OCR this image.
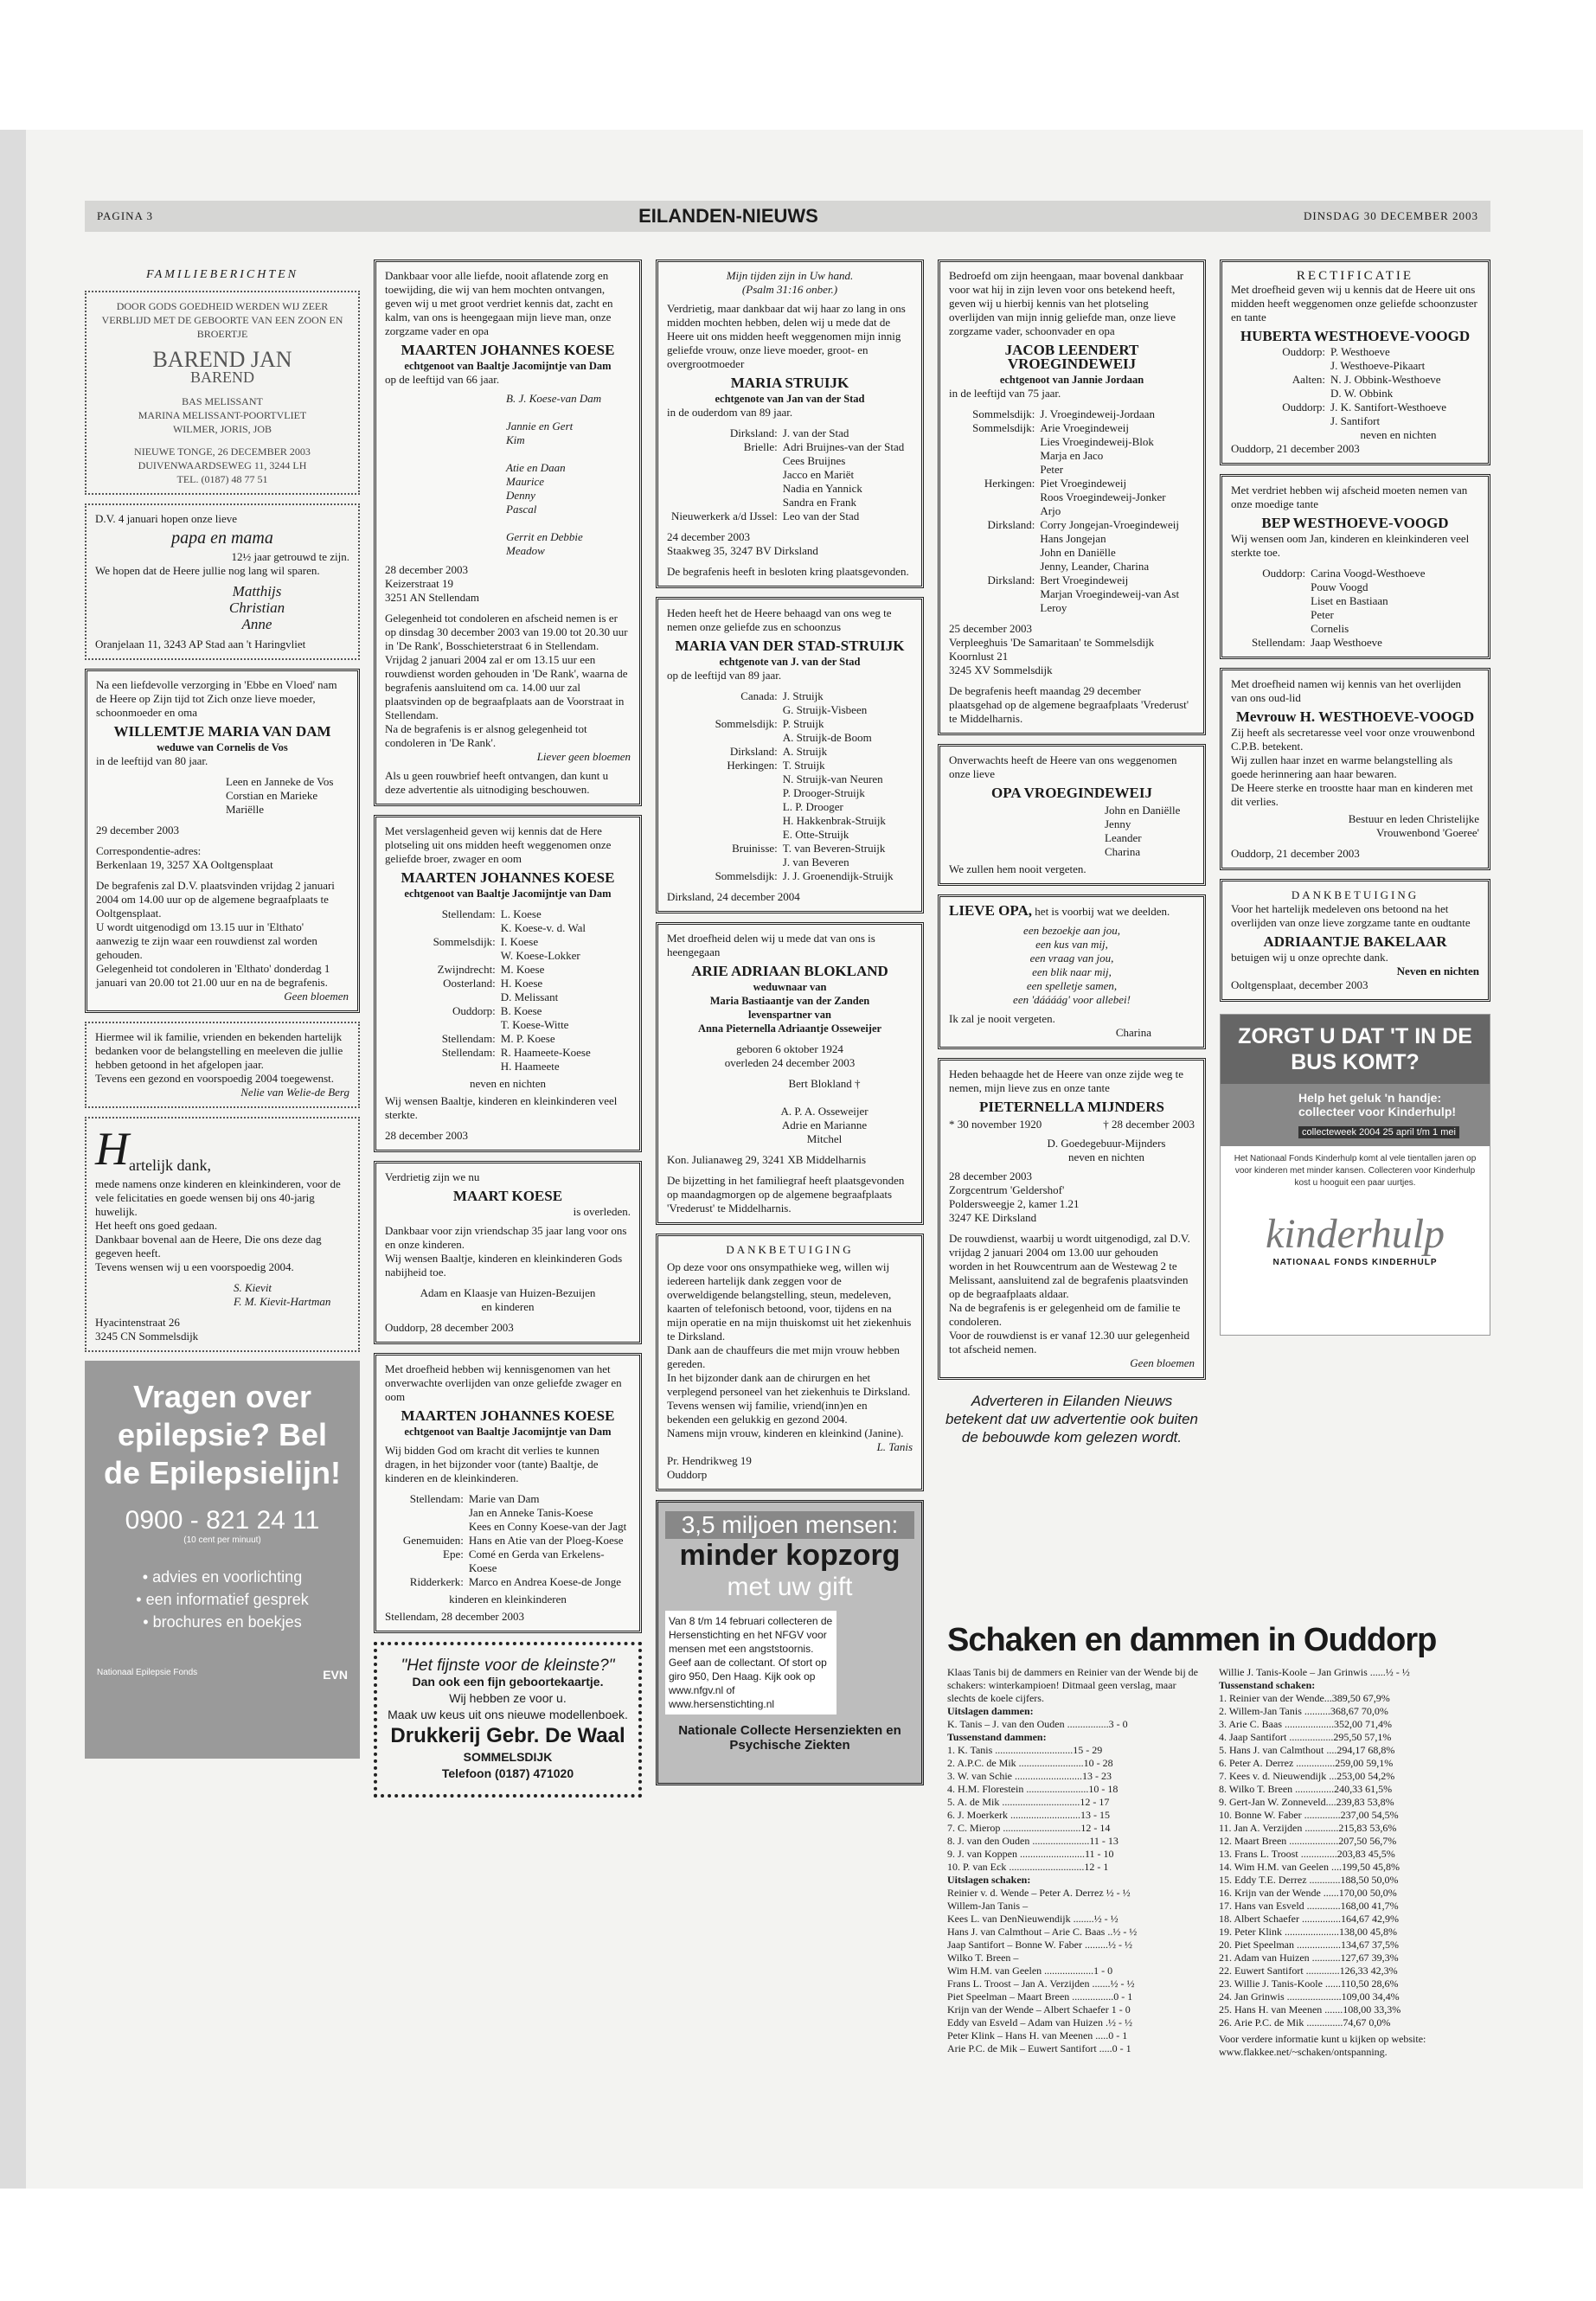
PAGINA 3	EILANDEN-NIEUWS	DINSDAG 30 DECEMBER 2003
FAMILIEBERICHTEN
DOOR GODS GOEDHEID WERDEN WIJ ZEER VERBLIJD MET DE GEBOORTE VAN EEN ZOON EN BROERTJE
BAREND JAN
BAREND
BAS MELISSANT
MARINA MELISSANT-POORTVLIET
WILMER, JORIS, JOB
NIEUWE TONGE, 26 DECEMBER 2003
DUIVENWAARDSEWEG 11, 3244 LH
TEL. (0187) 48 77 51
D.V. 4 januari hopen onze lieve
papa en mama
12½ jaar getrouwd te zijn.
We hopen dat de Heere jullie nog lang wil sparen.
Matthijs
Christian
Anne
Oranjelaan 11, 3243 AP Stad aan 't Haringvliet
Na een liefdevolle verzorging in 'Ebbe en Vloed' nam de Heere op Zijn tijd tot Zich onze lieve moeder, schoonmoeder en oma
WILLEMTJE MARIA VAN DAM
weduwe van Cornelis de Vos
in de leeftijd van 80 jaar.
Leen en Janneke de Vos
Corstian en Marieke
Mariëlle
29 december 2003
Correspondentie-adres:
Berkenlaan 19, 3257 XA Ooltgensplaat
De begrafenis zal D.V. plaatsvinden vrijdag 2 januari 2004 om 14.00 uur op de algemene begraafplaats te Ooltgensplaat.
U wordt uitgenodigd om 13.15 uur in 'Elthato' aanwezig te zijn waar een rouwdienst zal worden gehouden.
Gelegenheid tot condoleren in 'Elthato' donderdag 1 januari van 20.00 tot 21.00 uur en na de begrafenis.
Geen bloemen
Hiermee wil ik familie, vrienden en bekenden hartelijk bedanken voor de belangstelling en meeleven die jullie hebben getoond in het afgelopen jaar.
Tevens een gezond en voorspoedig 2004 toegewenst.
Nelie van Welie-de Berg
H artelijk dank,
mede namens onze kinderen en kleinkinderen, voor de vele felicitaties en goede wensen bij ons 40-jarig huwelijk.
Het heeft ons goed gedaan.
Dankbaar bovenal aan de Heere, Die ons deze dag gegeven heeft.
Tevens wensen wij u een voorspoedig 2004.
S. Kievit
F. M. Kievit-Hartman
Hyacintenstraat 26
3245 CN Sommelsdijk
Vragen over epilepsie? Bel de Epilepsielijn!
0900 - 821 24 11
(10 cent per minuut)
• advies en voorlichting
• een informatief gesprek
• brochures en boekjes
Nationaal Epilepsie Fonds	EVN
Dankbaar voor alle liefde, nooit aflatende zorg en toewijding, die wij van hem mochten ontvangen, geven wij u met groot verdriet kennis dat, zacht en kalm, van ons is heengegaan mijn lieve man, onze zorgzame vader en opa
MAARTEN JOHANNES KOESE
echtgenoot van Baaltje Jacomijntje van Dam
op de leeftijd van 66 jaar.
B. J. Koese-van Dam

Jannie en Gert
Kim

Atie en Daan
Maurice
Denny
Pascal

Gerrit en Debbie
Meadow
28 december 2003
Keizerstraat 19
3251 AN Stellendam
Gelegenheid tot condoleren en afscheid nemen is er op dinsdag 30 december 2003 van 19.00 tot 20.30 uur in 'De Rank', Bosschieterstraat 6 in Stellendam.
Vrijdag 2 januari 2004 zal er om 13.15 uur een rouwdienst worden gehouden in 'De Rank', waarna de begrafenis aansluitend om ca. 14.00 uur zal plaatsvinden op de begraafplaats aan de Voorstraat in Stellendam.
Na de begrafenis is er alsnog gelegenheid tot condoleren in 'De Rank'.
Liever geen bloemen
Als u geen rouwbrief heeft ontvangen, dan kunt u deze advertentie als uitnodiging beschouwen.
Met verslagenheid geven wij kennis dat de Here plotseling uit ons midden heeft weggenomen onze geliefde broer, zwager en oom
MAARTEN JOHANNES KOESE
echtgenoot van Baaltje Jacomijntje van Dam
Stellendam: L. Koese
K. Koese-v. d. Wal
Sommelsdijk: I. Koese
W. Koese-Lokker
Zwijndrecht: M. Koese
Oosterland: H. Koese
D. Melissant
Ouddorp: B. Koese
T. Koese-Witte
Stellendam: M. P. Koese
Stellendam: R. Haameete-Koese
H. Haameete
neven en nichten
Wij wensen Baaltje, kinderen en kleinkinderen veel sterkte.
28 december 2003
Verdrietig zijn we nu
MAART KOESE
is overleden.
Dankbaar voor zijn vriendschap 35 jaar lang voor ons en onze kinderen.
Wij wensen Baaltje, kinderen en kleinkinderen Gods nabijheid toe.
Adam en Klaasje van Huizen-Bezuijen
en kinderen
Ouddorp, 28 december 2003
Met droefheid hebben wij kennisgenomen van het onverwachte overlijden van onze geliefde zwager en oom
MAARTEN JOHANNES KOESE
echtgenoot van Baaltje Jacomijntje van Dam
Wij bidden God om kracht dit verlies te kunnen dragen, in het bijzonder voor (tante) Baaltje, de kinderen en de kleinkinderen.
Stellendam: Marie van Dam
Jan en Anneke Tanis-Koese
Kees en Conny Koese-van der Jagt
Genemuiden: Hans en Atie van der Ploeg-Koese
Epe: Comé en Gerda van Erkelens-Koese
Ridderkerk: Marco en Andrea Koese-de Jonge
kinderen en kleinkinderen
Stellendam, 28 december 2003
"Het fijnste voor de kleinste?"
Dan ook een fijn geboortekaartje.
Wij hebben ze voor u.
Maak uw keus uit ons nieuwe modellenboek.
Drukkerij Gebr. De Waal
SOMMELSDIJK
Telefoon (0187) 471020
Mijn tijden zijn in Uw hand.
(Psalm 31:16 onber.)
Verdrietig, maar dankbaar dat wij haar zo lang in ons midden mochten hebben, delen wij u mede dat de Heere uit ons midden heeft weggenomen mijn innig geliefde vrouw, onze lieve moeder, groot- en overgrootmoeder
MARIA STRUIJK
echtgenote van Jan van der Stad
in de ouderdom van 89 jaar.
Dirksland: J. van der Stad
Brielle: Adri Bruijnes-van der Stad
Cees Bruijnes
Jacco en Mariët
Nadia en Yannick
Sandra en Frank
Nieuwerkerk a/d IJssel: Leo van der Stad
24 december 2003
Staakweg 35, 3247 BV Dirksland
De begrafenis heeft in besloten kring plaatsgevonden.
Heden heeft het de Heere behaagd van ons weg te nemen onze geliefde zus en schoonzus
MARIA VAN DER STAD-STRUIJK
echtgenote van J. van der Stad
op de leeftijd van 89 jaar.
Canada: J. Struijk
G. Struijk-Visbeen
Sommelsdijk: P. Struijk
A. Struijk-de Boom
Dirksland: A. Struijk
Herkingen: T. Struijk
N. Struijk-van Neuren
P. Drooger-Struijk
L. P. Drooger
H. Hakkenbrak-Struijk
E. Otte-Struijk
Bruinisse: T. van Beveren-Struijk
J. van Beveren
Sommelsdijk: J. J. Groenendijk-Struijk
Dirksland, 24 december 2004
Met droefheid delen wij u mede dat van ons is heengegaan
ARIE ADRIAAN BLOKLAND
weduwnaar van
Maria Bastiaantje van der Zanden
levenspartner van
Anna Pieternella Adriaantje Osseweijer
geboren 6 oktober 1924
overleden 24 december 2003
Bert Blokland †

A. P. A. Osseweijer
Adrie en Marianne
Mitchel
Kon. Julianaweg 29, 3241 XB Middelharnis
De bijzetting in het familiegraf heeft plaatsgevonden op maandagmorgen op de algemene begraafplaats 'Vrederust' te Middelharnis.
DANKBETUIGING
Op deze voor ons onsympathieke weg, willen wij iedereen hartelijk dank zeggen voor de overweldigende belangstelling, steun, medeleven, kaarten of telefonisch betoond, voor, tijdens en na mijn operatie en na mijn thuiskomst uit het ziekenhuis te Dirksland.
Dank aan de chauffeurs die met mijn vrouw hebben gereden.
In het bijzonder dank aan de chirurgen en het verplegend personeel van het ziekenhuis te Dirksland.
Tevens wensen wij familie, vriend(inn)en en bekenden een gelukkig en gezond 2004.
Namens mijn vrouw, kinderen en kleinkind (Janine).
L. Tanis
Pr. Hendrikweg 19
Ouddorp
3,5 miljoen mensen:
minder kopzorg
met uw gift
Van 8 t/m 14 februari collecteren de Hersenstichting en het NFGV voor mensen met een angststoornis. Geef aan de collectant. Of stort op giro 950, Den Haag. Kijk ook op www.nfgv.nl of www.hersenstichting.nl
Nationale Collecte Hersenziekten en Psychische Ziekten
Bedroefd om zijn heengaan, maar bovenal dankbaar voor wat hij in zijn leven voor ons betekend heeft, geven wij u hierbij kennis van het plotseling overlijden van mijn innig geliefde man, onze lieve zorgzame vader, schoonvader en opa
JACOB LEENDERT VROEGINDEWEIJ
echtgenoot van Jannie Jordaan
in de leeftijd van 75 jaar.
Sommelsdijk: J. Vroegindeweij-Jordaan
Sommelsdijk: Arie Vroegindeweij
Lies Vroegindeweij-Blok
Marja en Jaco
Peter
Herkingen: Piet Vroegindeweij
Roos Vroegindeweij-Jonker
Arjo
Dirksland: Corry Jongejan-Vroegindeweij
Hans Jongejan
John en Daniëlle
Jenny, Leander, Charina
Dirksland: Bert Vroegindeweij
Marjan Vroegindeweij-van Ast
Leroy
25 december 2003
Verpleeghuis 'De Samaritaan' te Sommelsdijk
Koornlust 21
3245 XV Sommelsdijk
De begrafenis heeft maandag 29 december plaatsgehad op de algemene begraafplaats 'Vrederust' te Middelharnis.
Onverwachts heeft de Heere van ons weggenomen onze lieve
OPA VROEGINDEWEIJ
John en Daniëlle
Jenny
Leander
Charina
We zullen hem nooit vergeten.
LIEVE OPA, het is voorbij wat we deelden.
een bezoekje aan jou,
een kus van mij,
een vraag van jou,
een blik naar mij,
een spelletje samen,
een 'dáááág' voor allebei!
Ik zal je nooit vergeten.
Charina
Heden behaagde het de Heere van onze zijde weg te nemen, mijn lieve zus en onze tante
PIETERNELLA MIJNDERS
* 30 november 1920	† 28 december 2003
D. Goedegebuur-Mijnders
neven en nichten
28 december 2003
Zorgcentrum 'Geldershof'
Poldersweegje 2, kamer 1.21
3247 KE Dirksland
De rouwdienst, waarbij u wordt uitgenodigd, zal D.V. vrijdag 2 januari 2004 om 13.00 uur gehouden worden in het Rouwcentrum aan de Westewag 2 te Melissant, aansluitend zal de begrafenis plaatsvinden op de begraafplaats aldaar.
Na de begrafenis is er gelegenheid om de familie te condoleren.
Voor de rouwdienst is er vanaf 12.30 uur gelegenheid tot afscheid nemen.
Geen bloemen
Adverteren in Eilanden Nieuws betekent dat uw advertentie ook buiten de bebouwde kom gelezen wordt.
RECTIFICATIE
Met droefheid geven wij u kennis dat de Heere uit ons midden heeft weggenomen onze geliefde schoonzuster en tante
HUBERTA WESTHOEVE-VOOGD
Ouddorp: P. Westhoeve
J. Westhoeve-Pikaart
Aalten: N. J. Obbink-Westhoeve
D. W. Obbink
Ouddorp: J. K. Santifort-Westhoeve
J. Santifort
neven en nichten
Ouddorp, 21 december 2003
Met verdriet hebben wij afscheid moeten nemen van onze moedige tante
BEP WESTHOEVE-VOOGD
Wij wensen oom Jan, kinderen en kleinkinderen veel sterkte toe.
Ouddorp: Carina Voogd-Westhoeve
Pouw Voogd
Liset en Bastiaan
Peter
Cornelis
Stellendam: Jaap Westhoeve
Met droefheid namen wij kennis van het overlijden van ons oud-lid
Mevrouw H. WESTHOEVE-VOOGD
Zij heeft als secretaresse veel voor onze vrouwenbond C.P.B. betekent.
Wij zullen haar inzet en warme belangstelling als goede herinnering aan haar bewaren.
De Heere sterke en troostte haar man en kinderen met dit verlies.
Bestuur en leden Christelijke Vrouwenbond 'Goeree'
Ouddorp, 21 december 2003
DANKBETUIGING
Voor het hartelijk medeleven ons betoond na het overlijden van onze lieve zorgzame tante en oudtante
ADRIAANTJE BAKELAAR
betuigen wij u onze oprechte dank.
Neven en nichten
Ooltgensplaat, december 2003
ZORGT U DAT 'T IN DE BUS KOMT?
Help het geluk 'n handje: collecteer voor Kinderhulp!
collecteweek 2004 25 april t/m 1 mei
Het Nationaal Fonds Kinderhulp komt al vele tientallen jaren op voor kinderen met minder kansen. Collecteren voor Kinderhulp kost u hooguit een paar uurtjes.
kinderhulp
NATIONAAL FONDS KINDERHULP
Schaken en dammen in Ouddorp
Klaas Tanis bij de dammers en Reinier van der Wende bij de schakers: winterkampioen! Ditmaal geen verslag, maar slechts de koele cijfers.
Uitslagen dammen:
K. Tanis – J. van den Ouden ................3 - 0
Tussenstand dammen:
1. K. Tanis ..............................15 - 29
2. A.P.C. de Mik .........................10 - 28
3. W. van Schie ..........................13 - 23
4. H.M. Florestein ........................10 - 18
5. A. de Mik ..............................12 - 17
6. J. Moerkerk ...........................13 - 15
7. C. Mierop ..............................12 - 14
8. J. van den Ouden ......................11 - 13
9. J. van Koppen .........................11 - 10
10. P. van Eck .............................12 - 1
Uitslagen schaken:
Reinier v. d. Wende – Peter A. Derrez ½ - ½
Willem-Jan Tanis –
Kees L. van DenNieuwendijk ........½ - ½
Hans J. van Calmthout – Arie C. Baas ..½ - ½
Jaap Santifort – Bonne W. Faber .........½ - ½
Wilko T. Breen –
Wim H.M. van Geelen ...................1 - 0
Frans L. Troost – Jan A. Verzijden .......½ - ½
Piet Speelman – Maart Breen ................0 - 1
Krijn van der Wende – Albert Schaefer 1 - 0
Eddy van Esveld – Adam van Huizen .½ - ½
Peter Klink – Hans H. van Meenen .....0 - 1
Arie P.C. de Mik – Euwert Santifort .....0 - 1
Willie J. Tanis-Koole – Jan Grinwis ......½ - ½
Tussenstand schaken:
1. Reinier van der Wende...389,50 67,9%
2. Willem-Jan Tanis ..........368,67 70,0%
3. Arie C. Baas ...................352,00 71,4%
4. Jaap Santifort .................295,50 57,1%
5. Hans J. van Calmthout ....294,17 68,8%
6. Peter A. Derrez ...............259,00 59,1%
7. Kees v. d. Nieuwendijk ...253,00 54,2%
8. Wilko T. Breen ...............240,33 61,5%
9. Gert-Jan W. Zonneveld....239,83 53,8%
10. Bonne W. Faber ..............237,00 54,5%
11. Jan A. Verzijden .............215,83 53,6%
12. Maart Breen ...................207,50 56,7%
13. Frans L. Troost ..............203,83 45,5%
14. Wim H.M. van Geelen ....199,50 45,8%
15. Eddy T.E. Derrez ............188,50 50,0%
16. Krijn van der Wende ......170,00 50,0%
17. Hans van Esveld .............168,00 41,7%
18. Albert Schaefer ...............164,67 42,9%
19. Peter Klink .....................138,00 45,8%
20. Piet Speelman .................134,67 37,5%
21. Adam van Huizen ...........127,67 39,3%
22. Euwert Santifort .............126,33 42,3%
23. Willie J. Tanis-Koole ......110,50 28,6%
24. Jan Grinwis .....................109,00 34,4%
25. Hans H. van Meenen .......108,00 33,3%
26. Arie P.C. de Mik ..............74,67 0,0%
Voor verdere informatie kunt u kijken op website: www.flakkee.net/~schaken/ontspanning.
